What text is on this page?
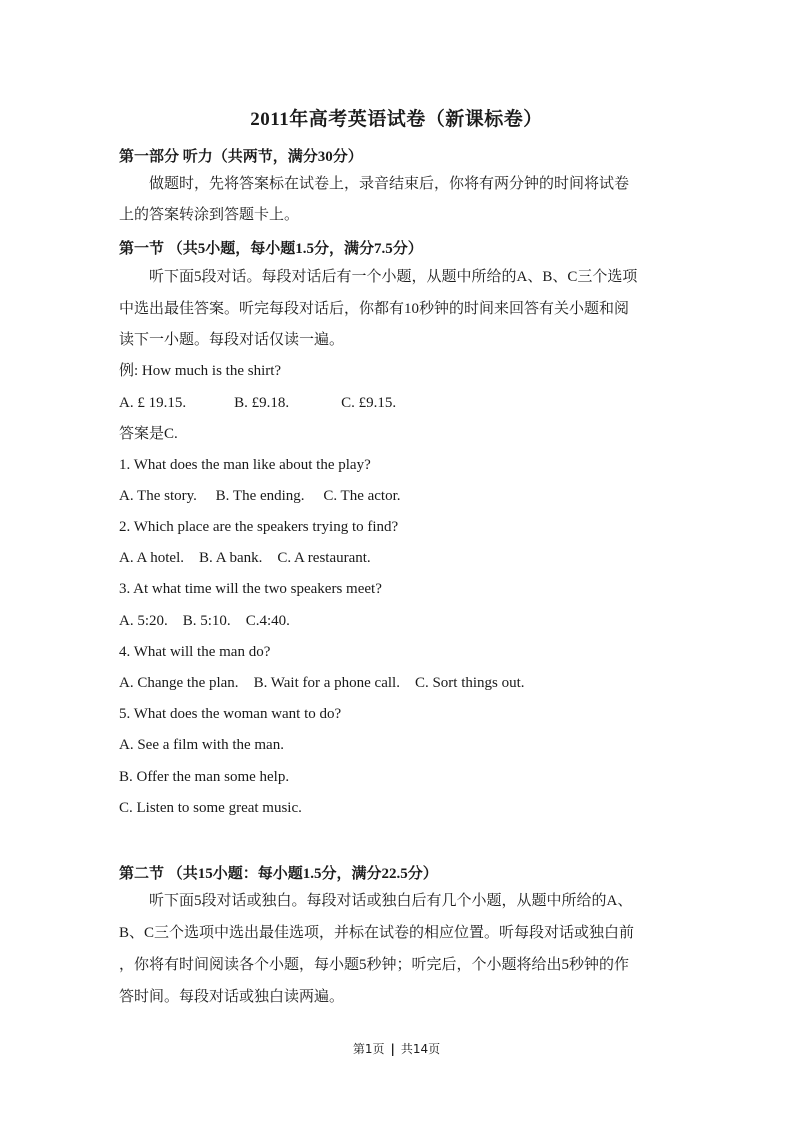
2011年高考英语试卷（新课标卷）
第一部分 听力（共两节，满分30分）
做题时，先将答案标在试卷上，录音结束后，你将有两分钟的时间将试卷
上的答案转涂到答题卡上。
第一节 （共5小题，每小题1.5分，满分7.5分）
听下面5段对话。每段对话后有一个小题，从题中所给的A、B、C三个选项
中选出最佳答案。听完每段对话后，你都有10秒钟的时间来回答有关小题和阅
读下一小题。每段对话仅读一遍。
例: How much is the shirt?
A. £ 19.15.	B. £9.18.	C. £9.15.
答案是C.
1. What does the man like about the play?
A. The story. B. The ending. C. The actor.
2. Which place are the speakers trying to find?
A. A hotel. B. A bank. C. A restaurant.
3. At what time will the two speakers meet?
A. 5:20. B. 5:10. C.4:40.
4. What will the man do?
A. Change the plan. B. Wait for a phone call. C. Sort things out.
5. What does the woman want to do?
A. See a film with the man.
B. Offer the man some help.
C. Listen to some great music.
第二节 （共15小题：每小题1.5分，满分22.5分）
听下面5段对话或独白。每段对话或独白后有几个小题，从题中所给的A、
B、C三个选项中选出最佳选项，并标在试卷的相应位置。听每段对话或独白前
，你将有时间阅读各个小题，每小题5秒钟；听完后，个小题将给出5秒钟的作
答时间。每段对话或独白读两遍。
第1页 | 共14页
